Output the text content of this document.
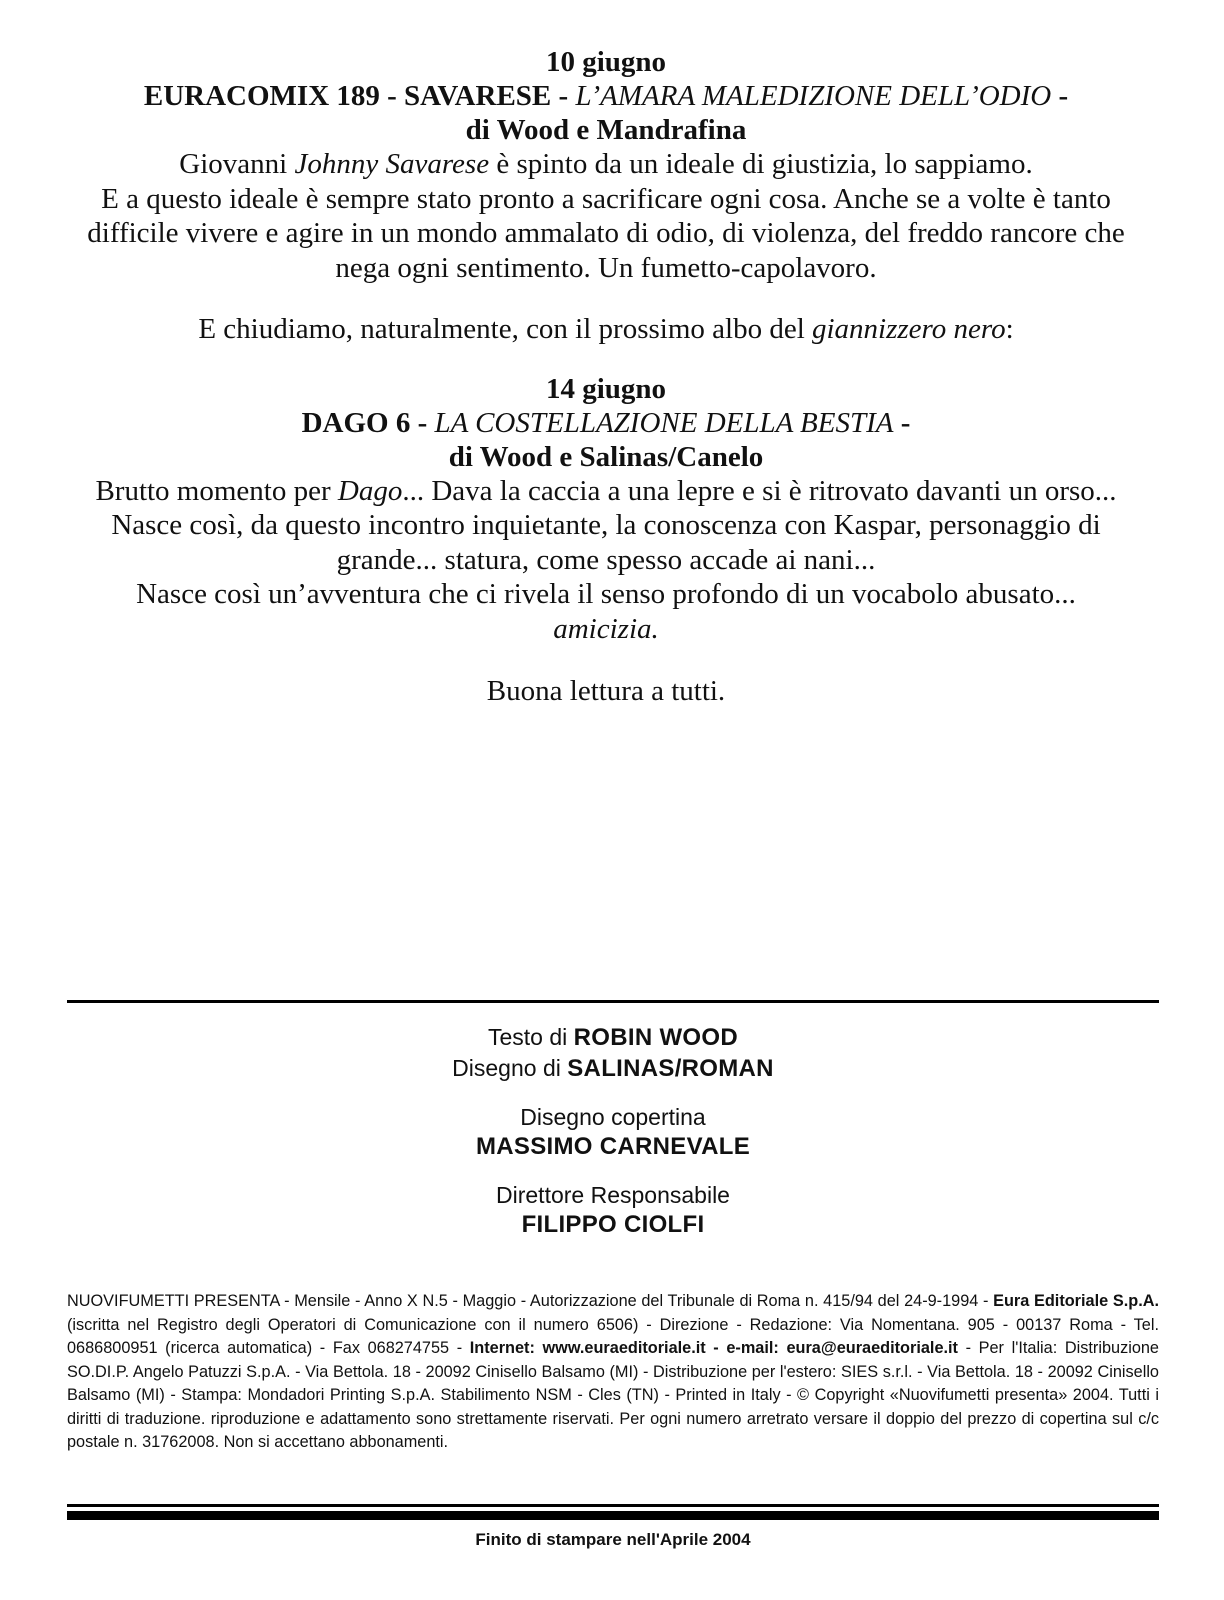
10 giugno

EURACOMIX 189 - SAVARESE - L’AMARA MALEDIZIONE DELL’ODIO -

di Wood e Mandrafina

Giovanni Johnny Savarese è spinto da un ideale di giustizia, lo sappiamo.
E a questo ideale è sempre stato pronto a sacrificare ogni cosa. Anche se a volte è tanto difficile vivere e agire in un mondo ammalato di odio, di violenza, del freddo rancore che nega ogni sentimento. Un fumetto-capolavoro.

E chiudiamo, naturalmente, con il prossimo albo del giannizzero nero:

14 giugno

DAGO 6 - LA COSTELLAZIONE DELLA BESTIA -

di Wood e Salinas/Canelo

Brutto momento per Dago... Dava la caccia a una lepre e si è ritrovato davanti un orso... Nasce così, da questo incontro inquietante, la conoscenza con Kaspar, personaggio di grande... statura, come spesso accade ai nani...
Nasce così un’avventura che ci rivela il senso profondo di un vocabolo abusato...
amicizia.

Buona lettura a tutti.

Testo di ROBIN WOOD

Disegno di SALINAS/ROMAN

Disegno copertina

MASSIMO CARNEVALE

Direttore Responsabile

FILIPPO CIOLFI

NUOVIFUMETTI PRESENTA - Mensile - Anno X N.5 - Maggio - Autorizzazione del Tribunale di Roma n. 415/94 del 24-9-1994 - Eura Editoriale S.p.A. (iscritta nel Registro degli Operatori di Comunicazione con il numero 6506) - Direzione - Redazione: Via Nomentana. 905 - 00137 Roma - Tel. 0686800951 (ricerca automatica) - Fax 068274755 - Internet: www.euraeditoriale.it - e-mail: eura@euraeditoriale.it - Per l'Italia: Distribuzione SO.DI.P. Angelo Patuzzi S.p.A. - Via Bettola. 18 - 20092 Cinisello Balsamo (MI) - Distribuzione per l'estero: SIES s.r.l. - Via Bettola. 18 - 20092 Cinisello Balsamo (MI) - Stampa: Mondadori Printing S.p.A. Stabilimento NSM - Cles (TN) - Printed in Italy - © Copyright «Nuovifumetti presenta» 2004. Tutti i diritti di traduzione. riproduzione e adattamento sono strettamente riservati. Per ogni numero arretrato versare il doppio del prezzo di copertina sul c/c postale n. 31762008. Non si accettano abbonamenti.

Finito di stampare nell'Aprile 2004
